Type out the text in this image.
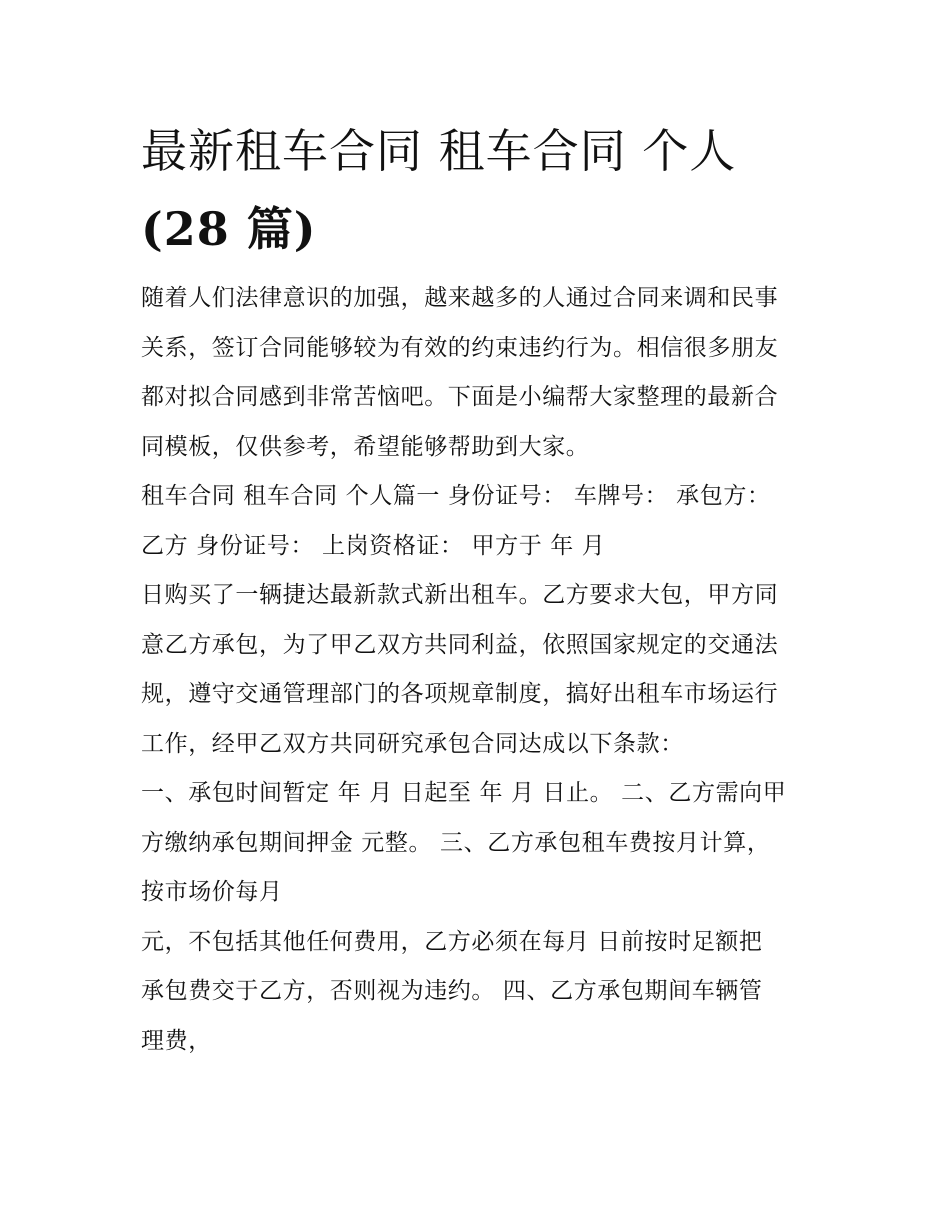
最新租车合同 租车合同 个人
(28 篇)

随着人们法律意识的加强，越来越多的人通过合同来调和民事

关系，签订合同能够较为有效的约束违约行为。相信很多朋友

都对拟合同感到非常苦恼吧。下面是小编帮大家整理的最新合

同模板，仅供参考，希望能够帮助到大家。

租车合同 租车合同 个人篇一 身份证号： 车牌号： 承包方：

乙方 身份证号： 上岗资格证： 甲方于 年 月

日购买了一辆捷达最新款式新出租车。乙方要求大包，甲方同

意乙方承包，为了甲乙双方共同利益，依照国家规定的交通法

规，遵守交通管理部门的各项规章制度，搞好出租车市场运行

工作，经甲乙双方共同研究承包合同达成以下条款：

一、承包时间暂定 年 月 日起至 年 月 日止。 二、乙方需向甲

方缴纳承包期间押金 元整。 三、乙方承包租车费按月计算，

按市场价每月

元，不包括其他任何费用，乙方必须在每月 日前按时足额把

承包费交于乙方，否则视为违约。 四、乙方承包期间车辆管

理费，
